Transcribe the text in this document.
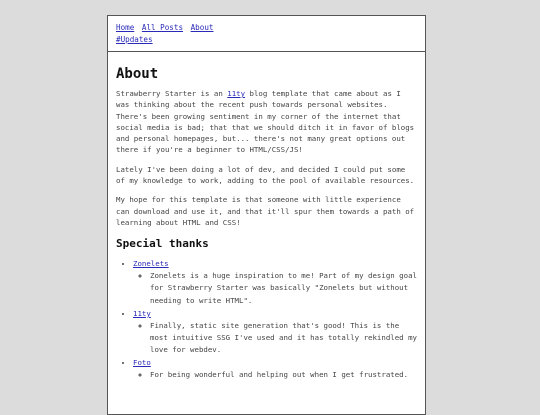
Home All Posts About
#Updates
About

Strawberry Starter is an 11ty blog template that came about as I was thinking about the recent push towards personal websites. There's been growing sentiment in my corner of the internet that social media is bad; that that we should ditch it in favor of blogs and personal homepages, but... there's not many great options out there if you're a beginner to HTML/CSS/JS!

Lately I've been doing a lot of dev, and decided I could put some of my knowledge to work, adding to the pool of available resources.

My hope for this template is that someone with little experience can download and use it, and that it'll spur them towards a path of learning about HTML and CSS!

Special thanks
• Zonelets
◦ Zonelets is a huge inspiration to me! Part of my design goal for Strawberry Starter was basically "Zonelets but without needing to write HTML".
• 11ty
◦ Finally, static site generation that's good! This is the most intuitive SSG I've used and it has totally rekindled my love for webdev.
• Foto
◦ For being wonderful and helping out when I get frustrated.
